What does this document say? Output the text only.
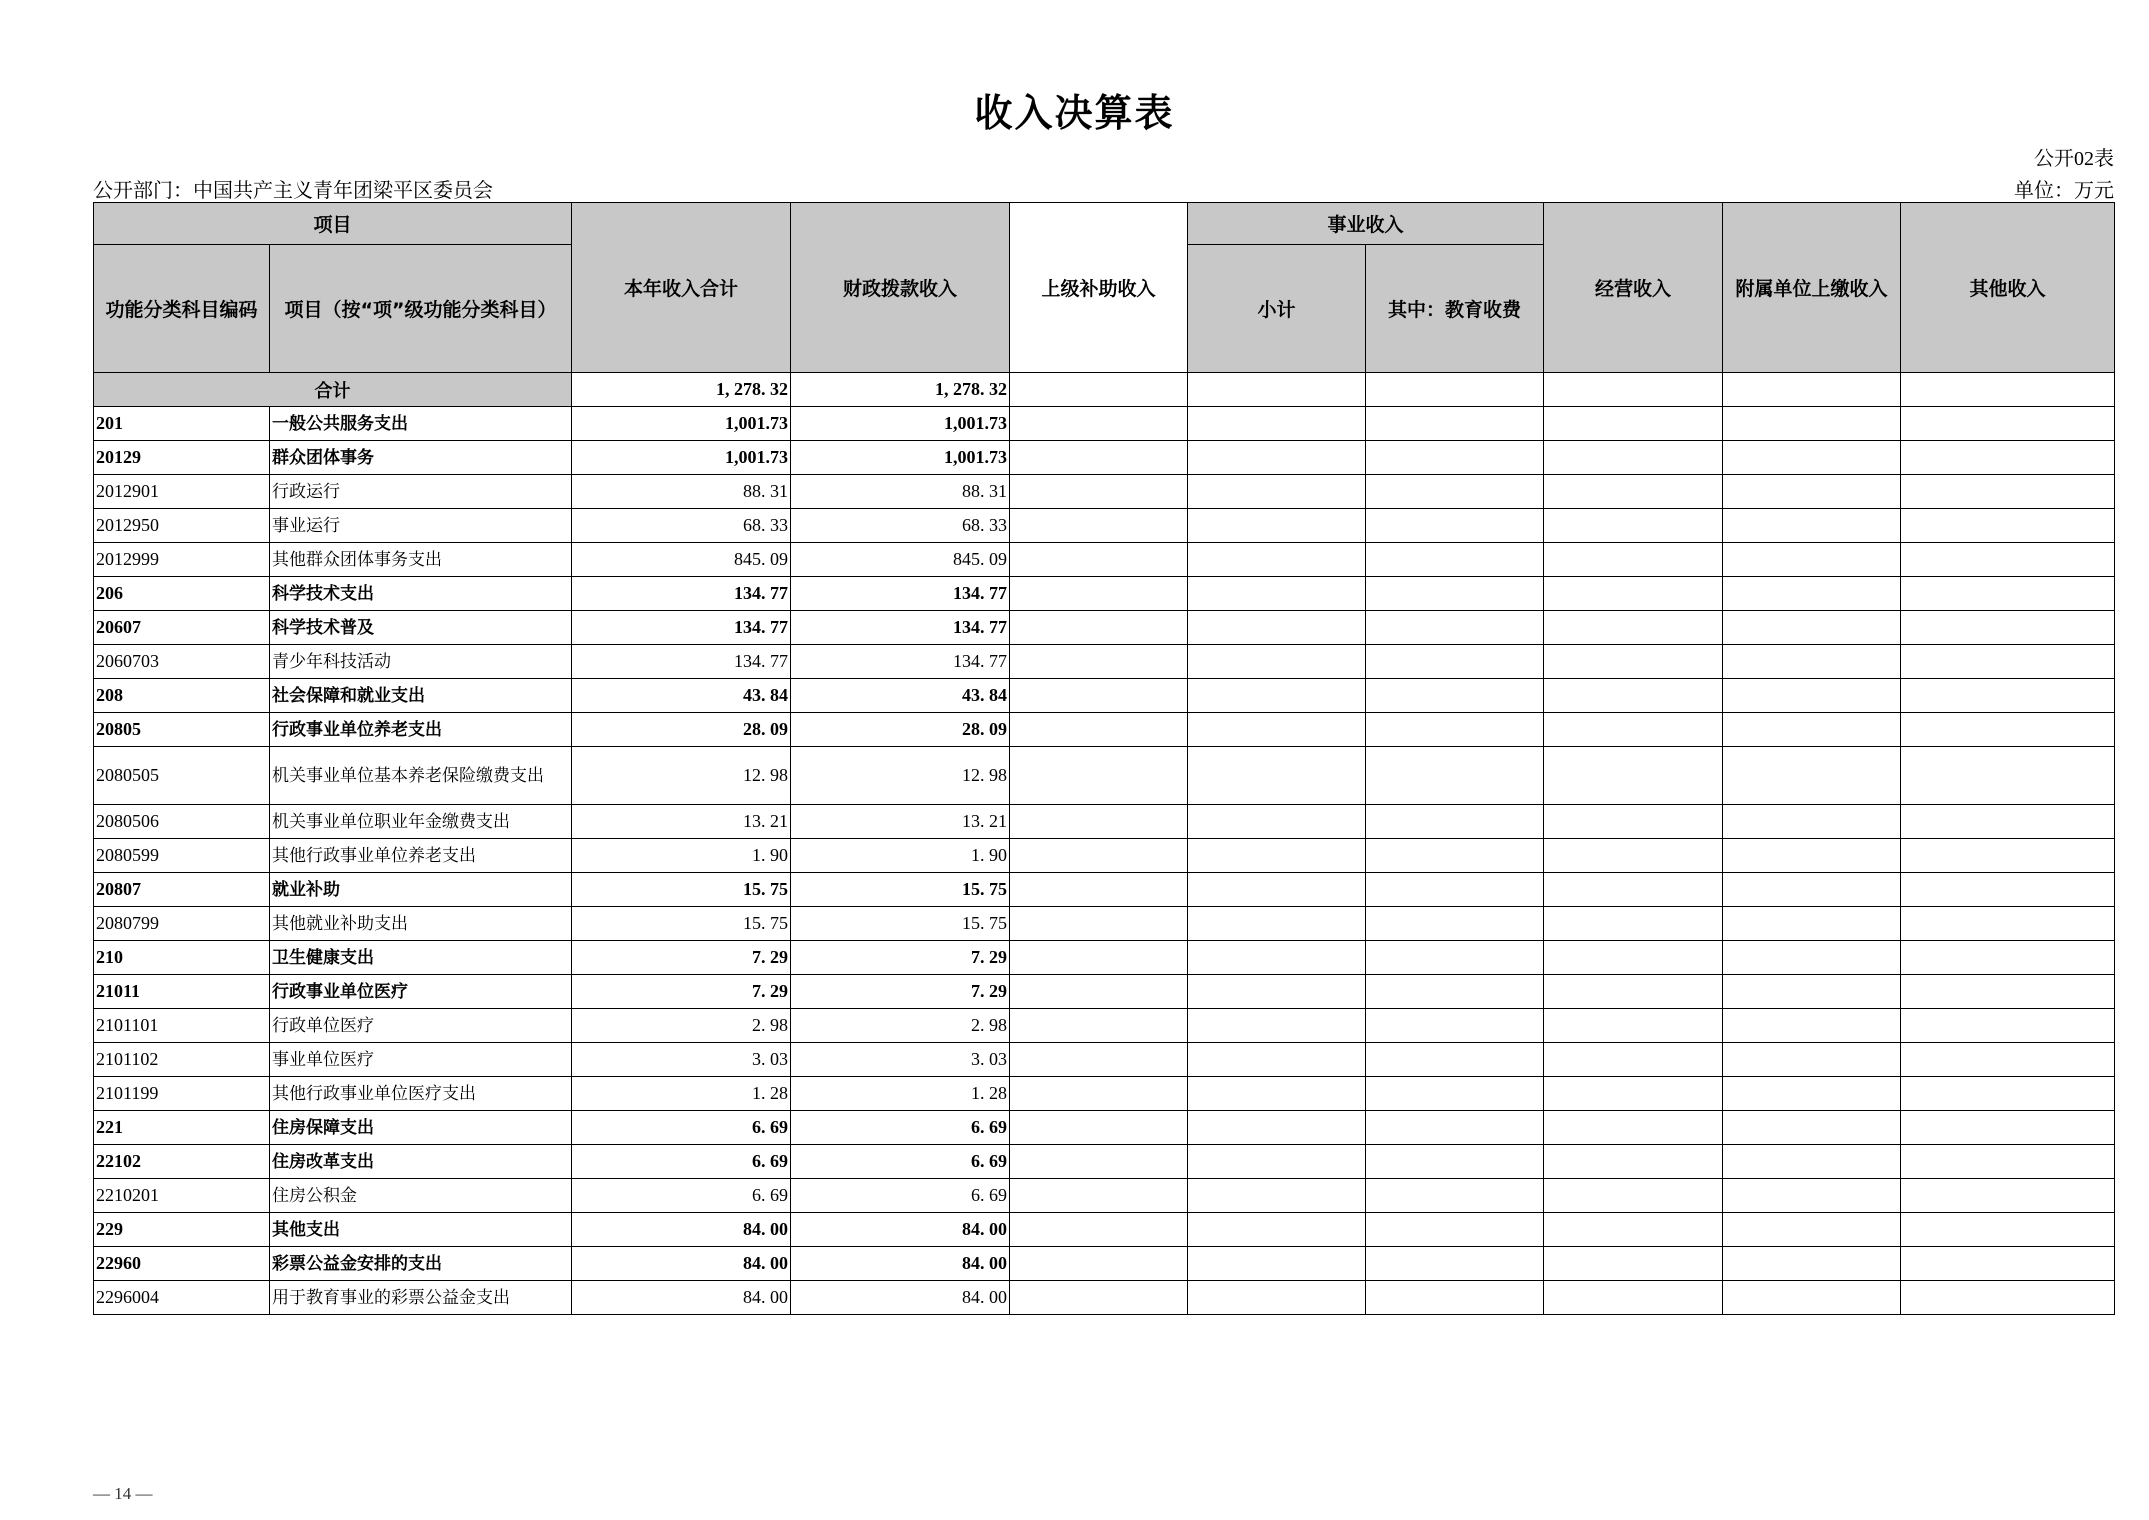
收入决算表
公开02表
公开部门：中国共产主义青年团梁平区委员会	单位：万元
项目		本年收入合计	财政拨款收入	上级补助收入	事业收入		经营收入	附属单位上缴收入	其他收入
功能分类科目编码	项目（按“项”级功能分类科目）				小计	其中：教育收费			
合计		1, 278. 32	1, 278. 32						
201	一般公共服务支出	1,001.73	1,001.73						
20129	群众团体事务	1,001.73	1,001.73						
2012901	行政运行	88. 31	88. 31						
2012950	事业运行	68. 33	68. 33						
2012999	其他群众团体事务支出	845. 09	845. 09						
206	科学技术支出	134. 77	134. 77						
20607	科学技术普及	134. 77	134. 77						
2060703	青少年科技活动	134. 77	134. 77						
208	社会保障和就业支出	43. 84	43. 84						
20805	行政事业单位养老支出	28. 09	28. 09						
2080505	机关事业单位基本养老保险缴费支出	12. 98	12. 98						
2080506	机关事业单位职业年金缴费支出	13. 21	13. 21						
2080599	其他行政事业单位养老支出	1. 90	1. 90						
20807	就业补助	15. 75	15. 75						
2080799	其他就业补助支出	15. 75	15. 75						
210	卫生健康支出	7. 29	7. 29						
21011	行政事业单位医疗	7. 29	7. 29						
2101101	行政单位医疗	2. 98	2. 98						
2101102	事业单位医疗	3. 03	3. 03						
2101199	其他行政事业单位医疗支出	1. 28	1. 28						
221	住房保障支出	6. 69	6. 69						
22102	住房改革支出	6. 69	6. 69						
2210201	住房公积金	6. 69	6. 69						
229	其他支出	84. 00	84. 00						
22960	彩票公益金安排的支出	84. 00	84. 00						
2296004	用于教育事业的彩票公益金支出	84. 00	84. 00						
— 14 —
